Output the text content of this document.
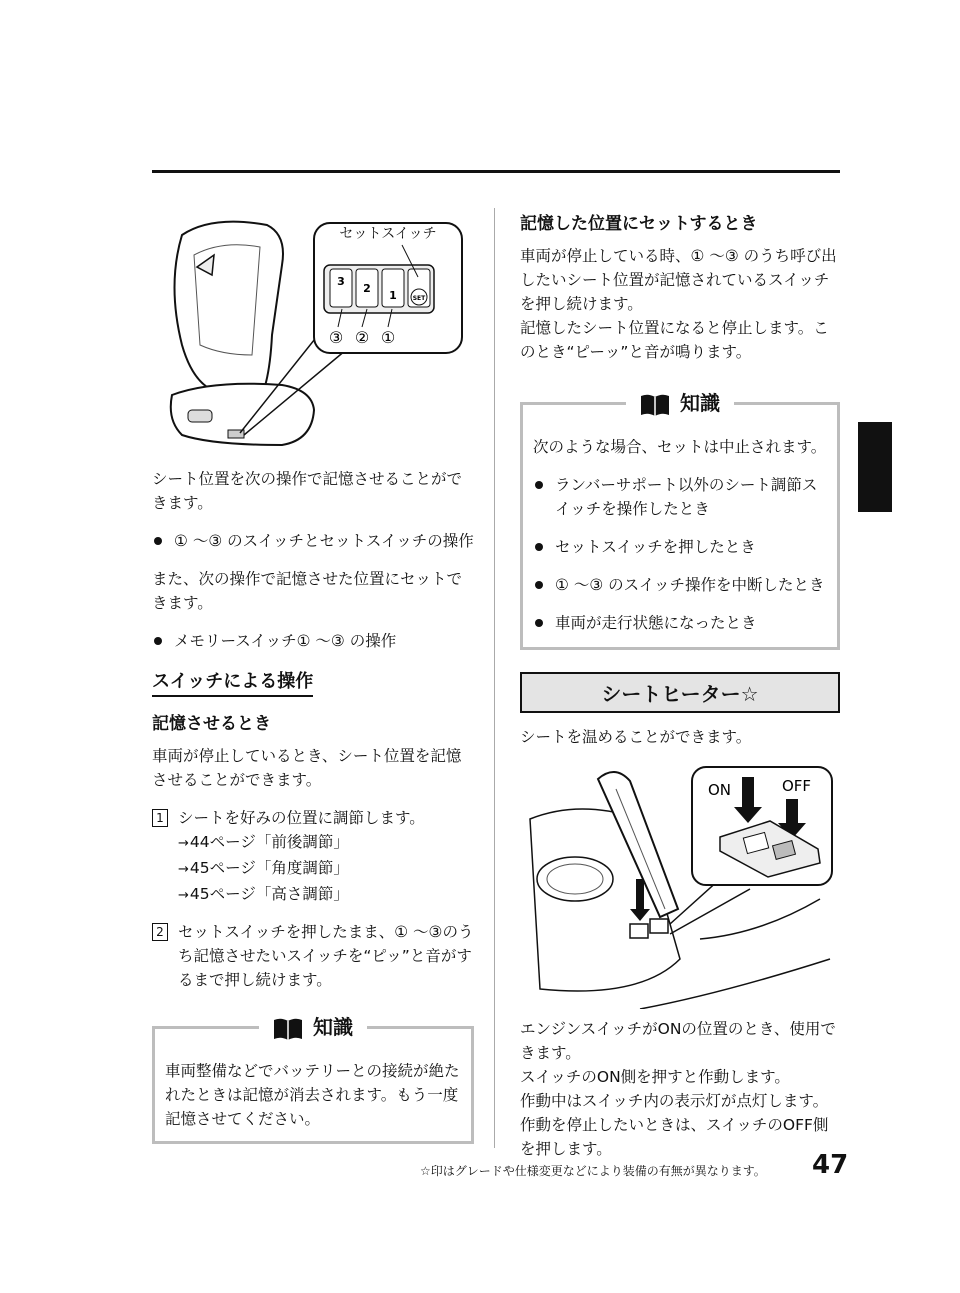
セットスイッチ
3
2
1	SET
③ ② ①

シート位置を次の操作で記憶させることができます。

① ～③ のスイッチとセットスイッチの操作

また、次の操作で記憶させた位置にセットできます。

メモリースイッチ① ～③ の操作
スイッチによる操作
記憶させるとき

車両が停止しているとき、シート位置を記憶させることができます。

1 シートを好みの位置に調節します。
→ 44ページ「前後調節」
→ 45ページ「角度調節」
→ 45ページ「高さ調節」
2 セットスイッチを押したまま、① ～③のうち記憶させたいスイッチを“ピッ”と音がするまで押し続けます。
知識

車両整備などでバッテリーとの接続が絶たれたときは記憶が消去されます。もう一度記憶させてください。

記憶した位置にセットするとき

車両が停止している時、① ～③ のうち呼び出したいシート位置が記憶されているスイッチを押し続けます。

記憶したシート位置になると停止します。このとき“ピーッ”と音が鳴ります。

知識

次のような場合、セットは中止されます。

ランバーサポート以外のシート調節スイッチを操作したとき
セットスイッチを押したとき
① ～③ のスイッチ操作を中断したとき
車両が走行状態になったとき
シートヒーター☆

シートを温めることができます。

ON	OFF

エンジンスイッチがONの位置のとき、使用できます。

スイッチのON側を押すと作動します。

作動中はスイッチ内の表示灯が点灯します。

作動を停止したいときは、スイッチのOFF側を押します。

☆印はグレードや仕様変更などにより装備の有無が異なります。 47
